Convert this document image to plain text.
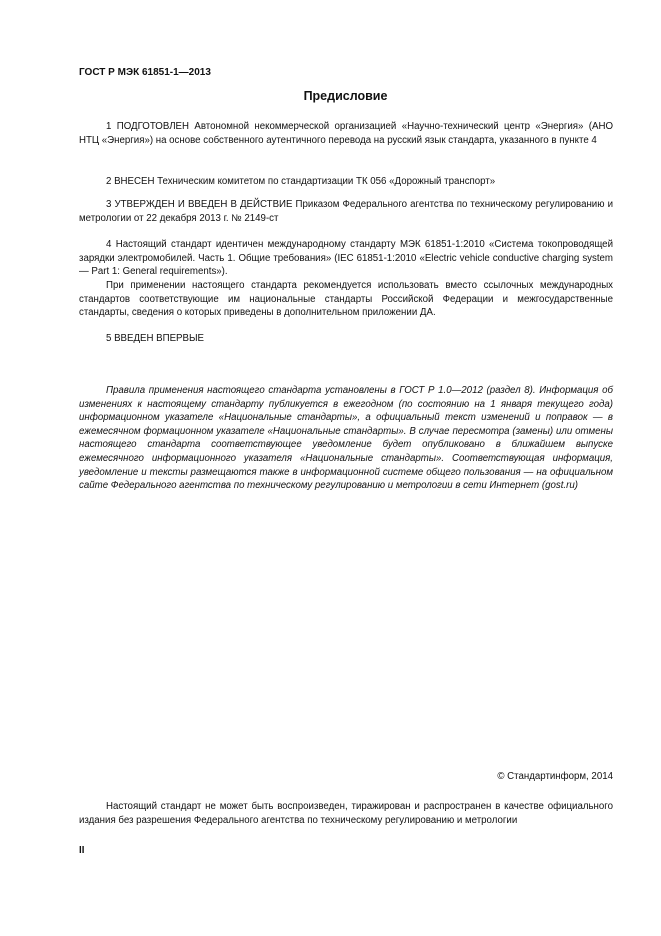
ГОСТ Р МЭК 61851-1—2013
Предисловие

1 ПОДГОТОВЛЕН Автономной некоммерческой организацией «Научно-технический центр «Энергия» (АНО НТЦ «Энергия») на основе собственного аутентичного перевода на русский язык стандарта, указанного в пункте 4

2 ВНЕСЕН Техническим комитетом по стандартизации ТК 056 «Дорожный транспорт»

3 УТВЕРЖДЕН И ВВЕДЕН В ДЕЙСТВИЕ Приказом Федерального агентства по техническому регулированию и метрологии от 22 декабря 2013 г. № 2149-ст

4 Настоящий стандарт идентичен международному стандарту МЭК 61851-1:2010 «Система токопроводящей зарядки электромобилей. Часть 1. Общие требования» (IEC 61851-1:2010 «Electric vehicle conductive charging system — Part 1: General requirements»).

При применении настоящего стандарта рекомендуется использовать вместо ссылочных международных стандартов соответствующие им национальные стандарты Российской Федерации и межгосударственные стандарты, сведения о которых приведены в дополнительном приложении ДА.

5 ВВЕДЕН ВПЕРВЫЕ

Правила применения настоящего стандарта установлены в ГОСТ Р 1.0—2012 (раздел 8). Информация об изменениях к настоящему стандарту публикуется в ежегодном (по состоянию на 1 января текущего года) информационном указателе «Национальные стандарты», а официальный текст изменений и поправок — в ежемесячном формационном указателе «Национальные стандарты». В случае пересмотра (замены) или отмены настоящего стандарта соответствующее уведомление будет опубликовано в ближайшем выпуске ежемесячного информационного указателя «Национальные стандарты». Соответствующая информация, уведомление и тексты размещаются также в информационной системе общего пользования — на официальном сайте Федерального агентства по техническому регулированию и метрологии в сети Интернет (gost.ru)

© Стандартинформ, 2014

Настоящий стандарт не может быть воспроизведен, тиражирован и распространен в качестве официального издания без разрешения Федерального агентства по техническому регулированию и метрологии

II
